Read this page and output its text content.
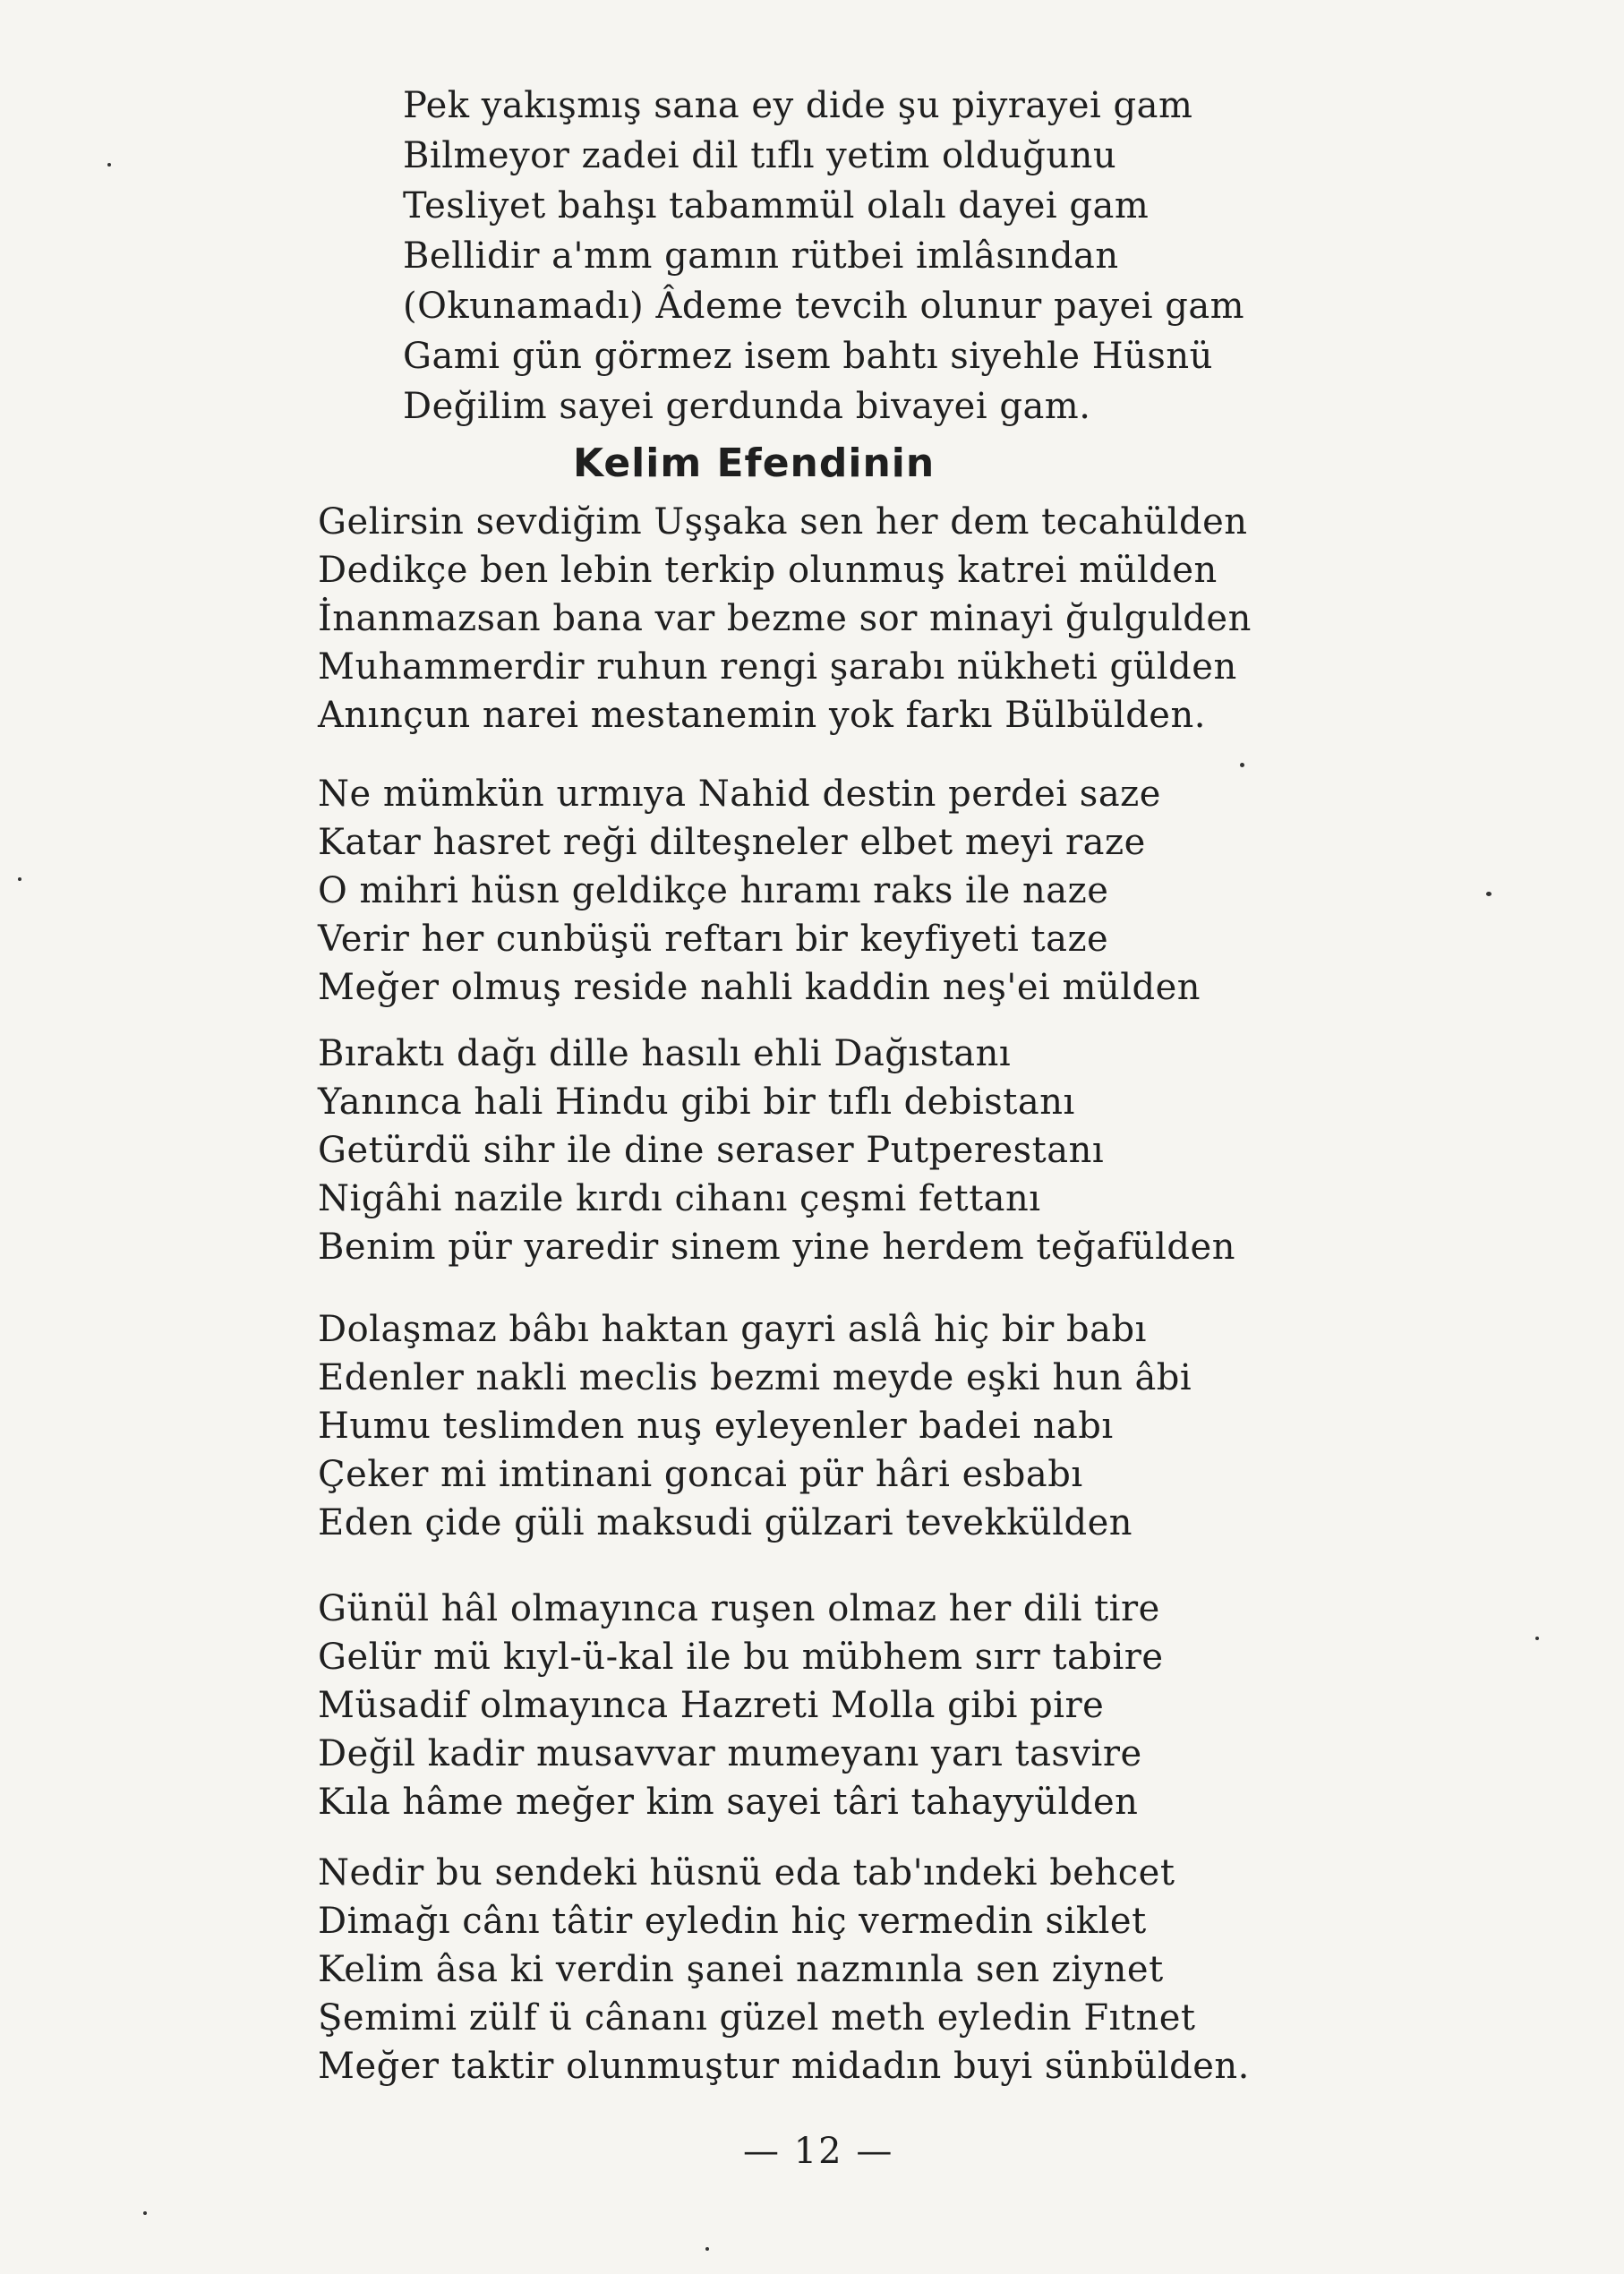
Pek yakışmış sana ey dide şu piyrayei gam
Bilmeyor zadei dil tıflı yetim olduğunu
Tesliyet bahşı tabammül olalı dayei gam
Bellidir a'mm gamın rütbei imlâsından
(Okunamadı) Âdeme tevcih olunur payei gam
Gami gün görmez isem bahtı siyehle Hüsnü
Değilim sayei gerdunda bivayei gam.
Kelim Efendinin
Gelirsin sevdiğim Uşşaka sen her dem tecahülden
Dedikçe ben lebin terkip olunmuş katrei mülden
İnanmazsan bana var bezme sor minayi ğulgulden
Muhammerdir ruhun rengi şarabı nükheti gülden
Anınçun narei mestanemin yok farkı Bülbülden.
Ne mümkün urmıya Nahid destin perdei saze
Katar hasret reği dilteşneler elbet meyi raze
O mihri hüsn geldikçe hıramı raks ile naze
Verir her cunbüşü reftarı bir keyfiyeti taze
Meğer olmuş reside nahli kaddin neş'ei mülden
Bıraktı dağı dille hasılı ehli Dağıstanı
Yanınca hali Hindu gibi bir tıflı debistanı
Getürdü sihr ile dine seraser Putperestanı
Nigâhi nazile kırdı cihanı çeşmi fettanı
Benim pür yaredir sinem yine herdem teğafülden
Dolaşmaz bâbı haktan gayri aslâ hiç bir babı
Edenler nakli meclis bezmi meyde eşki hun âbi
Humu teslimden nuş eyleyenler badei nabı
Çeker mi imtinani goncai pür hâri esbabı
Eden çide güli maksudi gülzari tevekkülden
Günül hâl olmayınca ruşen olmaz her dili tire
Gelür mü kıyl-ü-kal ile bu mübhem sırr tabire
Müsadif olmayınca Hazreti Molla gibi pire
Değil kadir musavvar mumeyanı yarı tasvire
Kıla hâme meğer kim sayei târi tahayyülden
Nedir bu sendeki hüsnü eda tab'ındeki behcet
Dimağı cânı tâtir eyledin hiç vermedin siklet
Kelim âsa ki verdin şanei nazmınla sen ziynet
Şemimi zülf ü cânanı güzel meth eyledin Fıtnet
Meğer taktir olunmuştur midadın buyi sünbülden.
— 12 —
